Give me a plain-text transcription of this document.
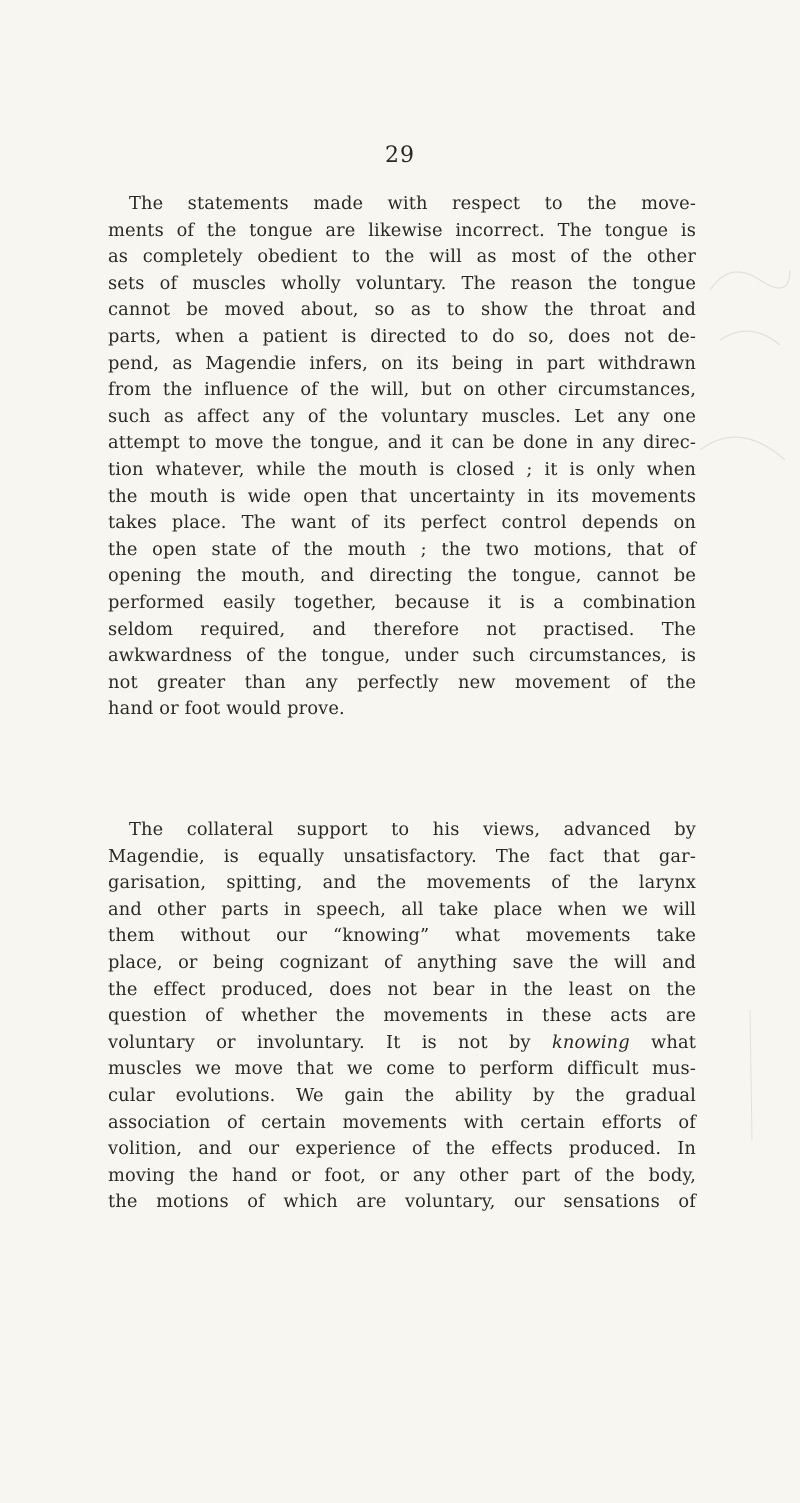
29
The statements made with respect to the move-
ments of the tongue are likewise incorrect. The tongue is
as completely obedient to the will as most of the other
sets of muscles wholly voluntary. The reason the tongue
cannot be moved about, so as to show the throat and
parts, when a patient is directed to do so, does not de-
pend, as Magendie infers, on its being in part withdrawn
from the influence of the will, but on other circumstances,
such as affect any of the voluntary muscles. Let any one
attempt to move the tongue, and it can be done in any direc-
tion whatever, while the mouth is closed ; it is only when
the mouth is wide open that uncertainty in its movements
takes place. The want of its perfect control depends on
the open state of the mouth ; the two motions, that of
opening the mouth, and directing the tongue, cannot be
performed easily together, because it is a combination
seldom required, and therefore not practised. The
awkwardness of the tongue, under such circumstances, is
not greater than any perfectly new movement of the
hand or foot would prove.
The collateral support to his views, advanced by
Magendie, is equally unsatisfactory. The fact that gar-
garisation, spitting, and the movements of the larynx
and other parts in speech, all take place when we will
them without our “knowing” what movements take
place, or being cognizant of anything save the will and
the effect produced, does not bear in the least on the
question of whether the movements in these acts are
voluntary or involuntary. It is not by knowing what
muscles we move that we come to perform difficult mus-
cular evolutions. We gain the ability by the gradual
association of certain movements with certain efforts of
volition, and our experience of the effects produced. In
moving the hand or foot, or any other part of the body,
the motions of which are voluntary, our sensations of
